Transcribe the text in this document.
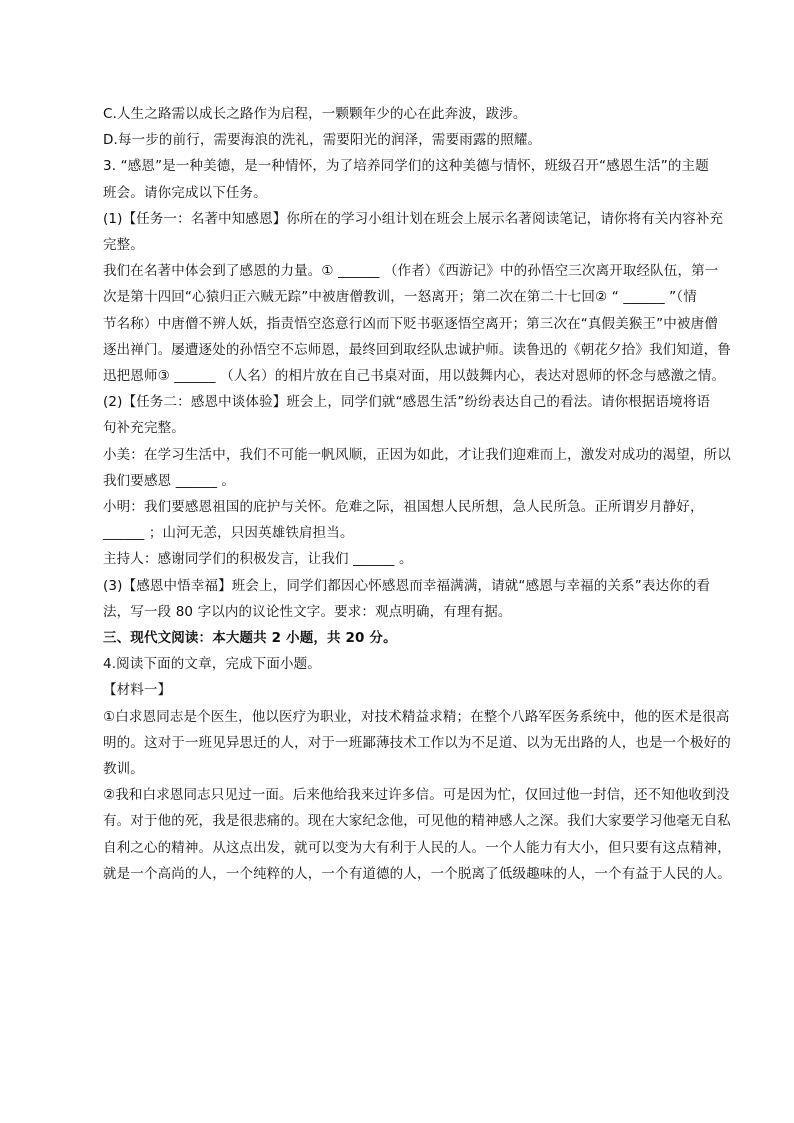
C.人生之路需以成长之路作为启程，一颗颗年少的心在此奔波，跋涉。
D.每一步的前行，需要海浪的洗礼，需要阳光的润泽，需要雨露的照耀。
3. “感恩”是一种美德，是一种情怀，为了培养同学们的这种美德与情怀，班级召开“感恩生活”的主题
班会。请你完成以下任务。
(1)【任务一：名著中知感恩】你所在的学习小组计划在班会上展示名著阅读笔记，请你将有关内容补充
完整。
我们在名著中体会到了感恩的力量。① ______ （作者）《西游记》中的孙悟空三次离开取经队伍，第一
次是第十四回“心猿归正六贼无踪”中被唐僧教训，一怒离开；第二次在第二十七回② “ ______ ”（情
节名称）中唐僧不辨人妖，指责悟空恣意行凶而下贬书驱逐悟空离开；第三次在“真假美猴王”中被唐僧
逐出禅门。屡遭逐处的孙悟空不忘师恩，最终回到取经队忠诚护师。读鲁迅的《朝花夕拾》我们知道，鲁
迅把恩师③ ______ （人名）的相片放在自己书桌对面，用以鼓舞内心，表达对恩师的怀念与感激之情。
(2)【任务二：感恩中谈体验】班会上，同学们就“感恩生活”纷纷表达自己的看法。请你根据语境将语
句补充完整。
小美：在学习生活中，我们不可能一帆风顺，正因为如此，才让我们迎难而上，激发对成功的渴望，所以
我们要感恩 ______ 。
小明：我们要感恩祖国的庇护与关怀。危难之际，祖国想人民所想，急人民所急。正所谓岁月静好，
______ ；山河无恙，只因英雄铁肩担当。
主持人：感谢同学们的积极发言，让我们 ______ 。
(3)【感恩中悟幸福】班会上，同学们都因心怀感恩而幸福满满，请就“感恩与幸福的关系”表达你的看
法，写一段 80 字以内的议论性文字。要求：观点明确，有理有据。
三、现代文阅读：本大题共 2 小题，共 20 分。
4.阅读下面的文章，完成下面小题。
【材料一】
①白求恩同志是个医生，他以医疗为职业，对技术精益求精；在整个八路军医务系统中，他的医术是很高
明的。这对于一班见异思迁的人，对于一班鄙薄技术工作以为不足道、以为无出路的人，也是一个极好的
教训。
②我和白求恩同志只见过一面。后来他给我来过许多信。可是因为忙，仅回过他一封信，还不知他收到没
有。对于他的死，我是很悲痛的。现在大家纪念他，可见他的精神感人之深。我们大家要学习他毫无自私
自利之心的精神。从这点出发，就可以变为大有利于人民的人。一个人能力有大小，但只要有这点精神，
就是一个高尚的人，一个纯粹的人，一个有道德的人，一个脱离了低级趣味的人，一个有益于人民的人。
